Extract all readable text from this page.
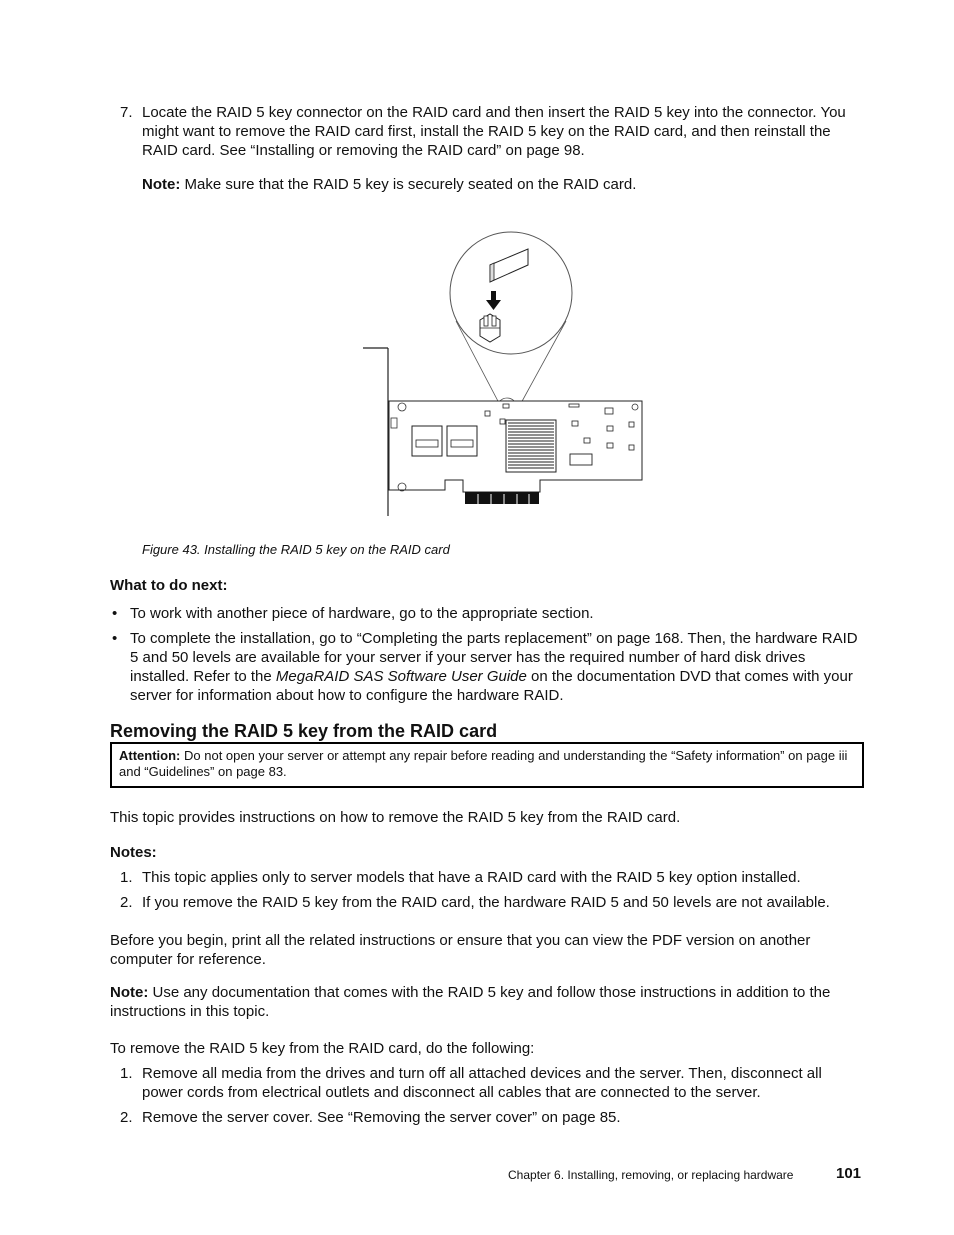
7. Locate the RAID 5 key connector on the RAID card and then insert the RAID 5 key into the connector. You might want to remove the RAID card first, install the RAID 5 key on the RAID card, and then reinstall the RAID card. See “Installing or removing the RAID card” on page 98.
Note: Make sure that the RAID 5 key is securely seated on the RAID card.
Figure 43. Installing the RAID 5 key on the RAID card
What to do next:
• To work with another piece of hardware, go to the appropriate section.
• To complete the installation, go to “Completing the parts replacement” on page 168. Then, the hardware RAID 5 and 50 levels are available for your server if your server has the required number of hard disk drives installed. Refer to the MegaRAID SAS Software User Guide on the documentation DVD that comes with your server for information about how to configure the hardware RAID.
Removing the RAID 5 key from the RAID card
Attention: Do not open your server or attempt any repair before reading and understanding the “Safety information” on page iii and “Guidelines” on page 83.
This topic provides instructions on how to remove the RAID 5 key from the RAID card.
Notes:
1. This topic applies only to server models that have a RAID card with the RAID 5 key option installed.
2. If you remove the RAID 5 key from the RAID card, the hardware RAID 5 and 50 levels are not available.
Before you begin, print all the related instructions or ensure that you can view the PDF version on another computer for reference.
Note: Use any documentation that comes with the RAID 5 key and follow those instructions in addition to the instructions in this topic.
To remove the RAID 5 key from the RAID card, do the following:
1. Remove all media from the drives and turn off all attached devices and the server. Then, disconnect all power cords from electrical outlets and disconnect all cables that are connected to the server.
2. Remove the server cover. See “Removing the server cover” on page 85.
Chapter 6. Installing, removing, or replacing hardware	101
